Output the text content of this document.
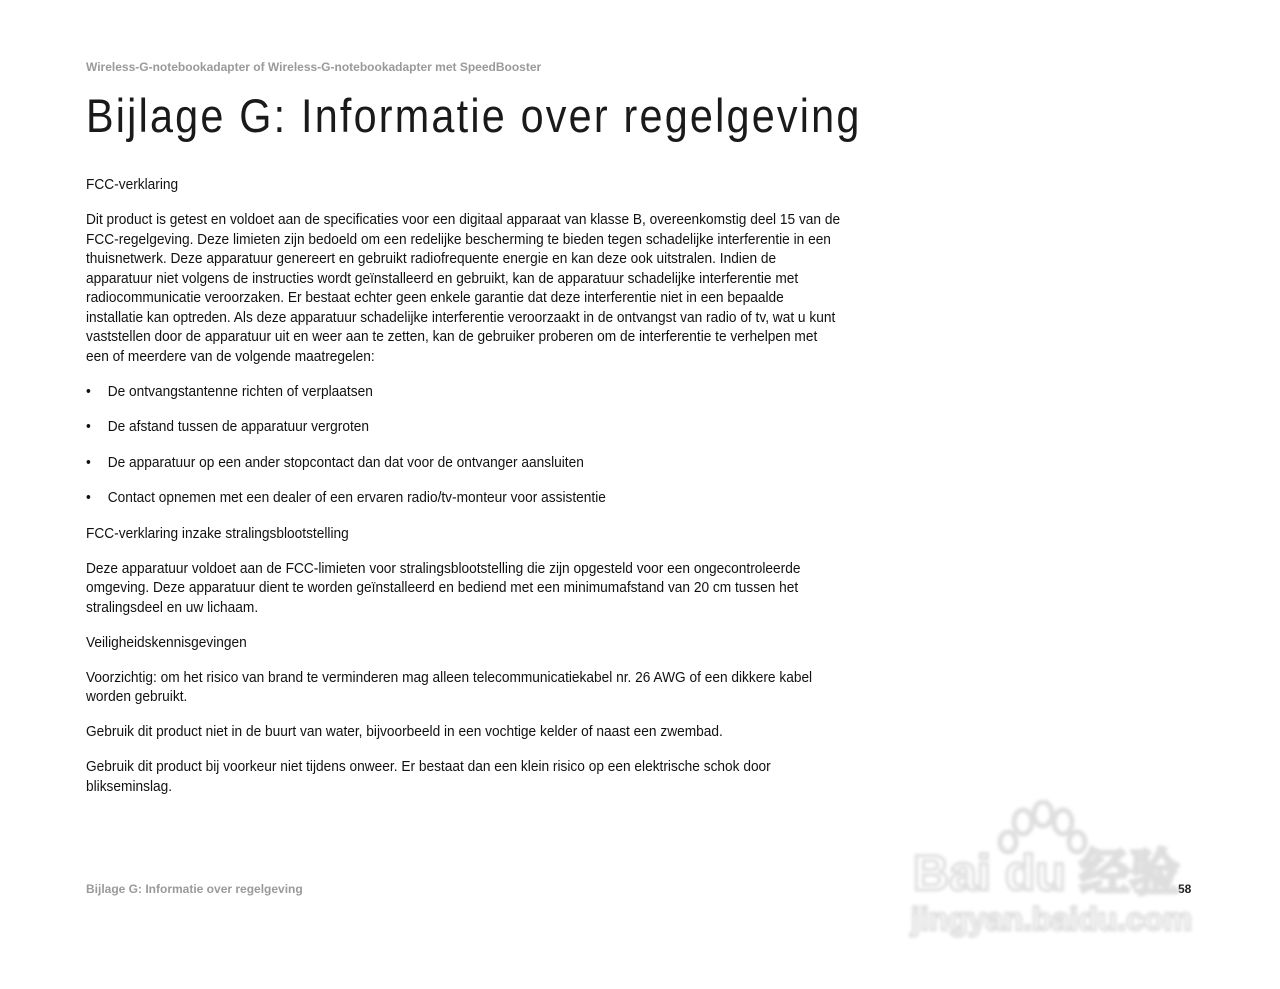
Wireless-G-notebookadapter of Wireless-G-notebookadapter met SpeedBooster
Bijlage G: Informatie over regelgeving

FCC-verklaring

Dit product is getest en voldoet aan de specificaties voor een digitaal apparaat van klasse B, overeenkomstig deel 15 van de FCC-regelgeving. Deze limieten zijn bedoeld om een redelijke bescherming te bieden tegen schadelijke interferentie in een thuisnetwerk. Deze apparatuur genereert en gebruikt radiofrequente energie en kan deze ook uitstralen. Indien de apparatuur niet volgens de instructies wordt geïnstalleerd en gebruikt, kan de apparatuur schadelijke interferentie met radiocommunicatie veroorzaken. Er bestaat echter geen enkele garantie dat deze interferentie niet in een bepaalde installatie kan optreden. Als deze apparatuur schadelijke interferentie veroorzaakt in de ontvangst van radio of tv, wat u kunt vaststellen door de apparatuur uit en weer aan te zetten, kan de gebruiker proberen om de interferentie te verhelpen met een of meerdere van de volgende maatregelen:

• De ontvangstantenne richten of verplaatsen
• De afstand tussen de apparatuur vergroten
• De apparatuur op een ander stopcontact dan dat voor de ontvanger aansluiten
• Contact opnemen met een dealer of een ervaren radio/tv-monteur voor assistentie

FCC-verklaring inzake stralingsblootstelling

Deze apparatuur voldoet aan de FCC-limieten voor stralingsblootstelling die zijn opgesteld voor een ongecontroleerde omgeving. Deze apparatuur dient te worden geïnstalleerd en bediend met een minimumafstand van 20 cm tussen het stralingsdeel en uw lichaam.

Veiligheidskennisgevingen

Voorzichtig: om het risico van brand te verminderen mag alleen telecommunicatiekabel nr. 26 AWG of een dikkere kabel worden gebruikt.

Gebruik dit product niet in de buurt van water, bijvoorbeeld in een vochtige kelder of naast een zwembad.

Gebruik dit product bij voorkeur niet tijdens onweer. Er bestaat dan een klein risico op een elektrische schok door blikseminslag.

Bijlage G: Informatie over regelgeving	58
Bai du 经验
jingyan.baidu.com
